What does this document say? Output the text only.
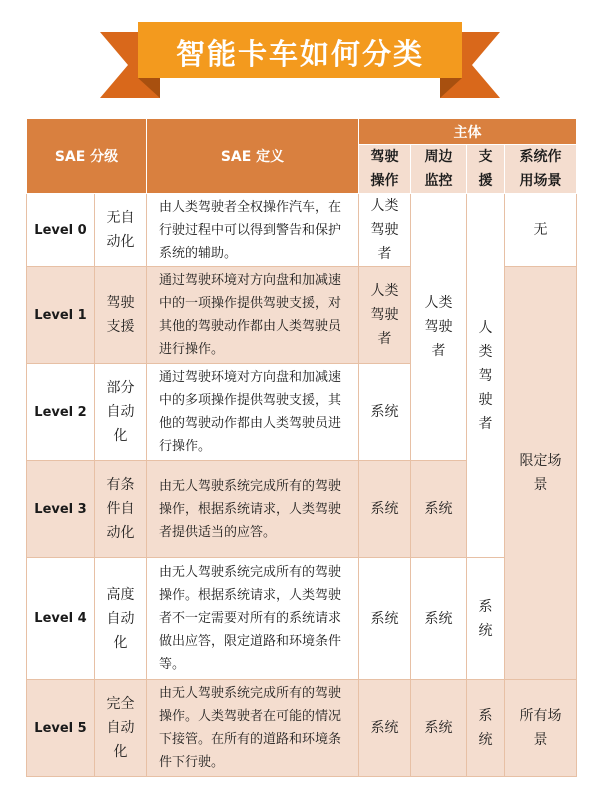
智能卡车如何分类
SAE 分级		SAE 定义	主体			
			驾驶操作	周边监控	支援	系统作用场景
Level 0	无自动化	由人类驾驶者全权操作汽车，在行驶过程中可以得到警告和保护系统的辅助。	人类驾驶者	人类驾驶者	人类驾驶者	无
Level 1	驾驶支援	通过驾驶环境对方向盘和加减速中的一项操作提供驾驶支援，对其他的驾驶动作都由人类驾驶员进行操作。	人类驾驶者			限定场景
Level 2	部分自动化	通过驾驶环境对方向盘和加减速中的多项操作提供驾驶支援，其他的驾驶动作都由人类驾驶员进行操作。	系统			
Level 3	有条件自动化	由无人驾驶系统完成所有的驾驶操作，根据系统请求，人类驾驶者提供适当的应答。	系统	系统		
Level 4	高度自动化	由无人驾驶系统完成所有的驾驶操作。根据系统请求，人类驾驶者不一定需要对所有的系统请求做出应答，限定道路和环境条件等。	系统	系统	系统	
Level 5	完全自动化	由无人驾驶系统完成所有的驾驶操作。人类驾驶者在可能的情况下接管。在所有的道路和环境条件下行驶。	系统	系统	系统	所有场景
